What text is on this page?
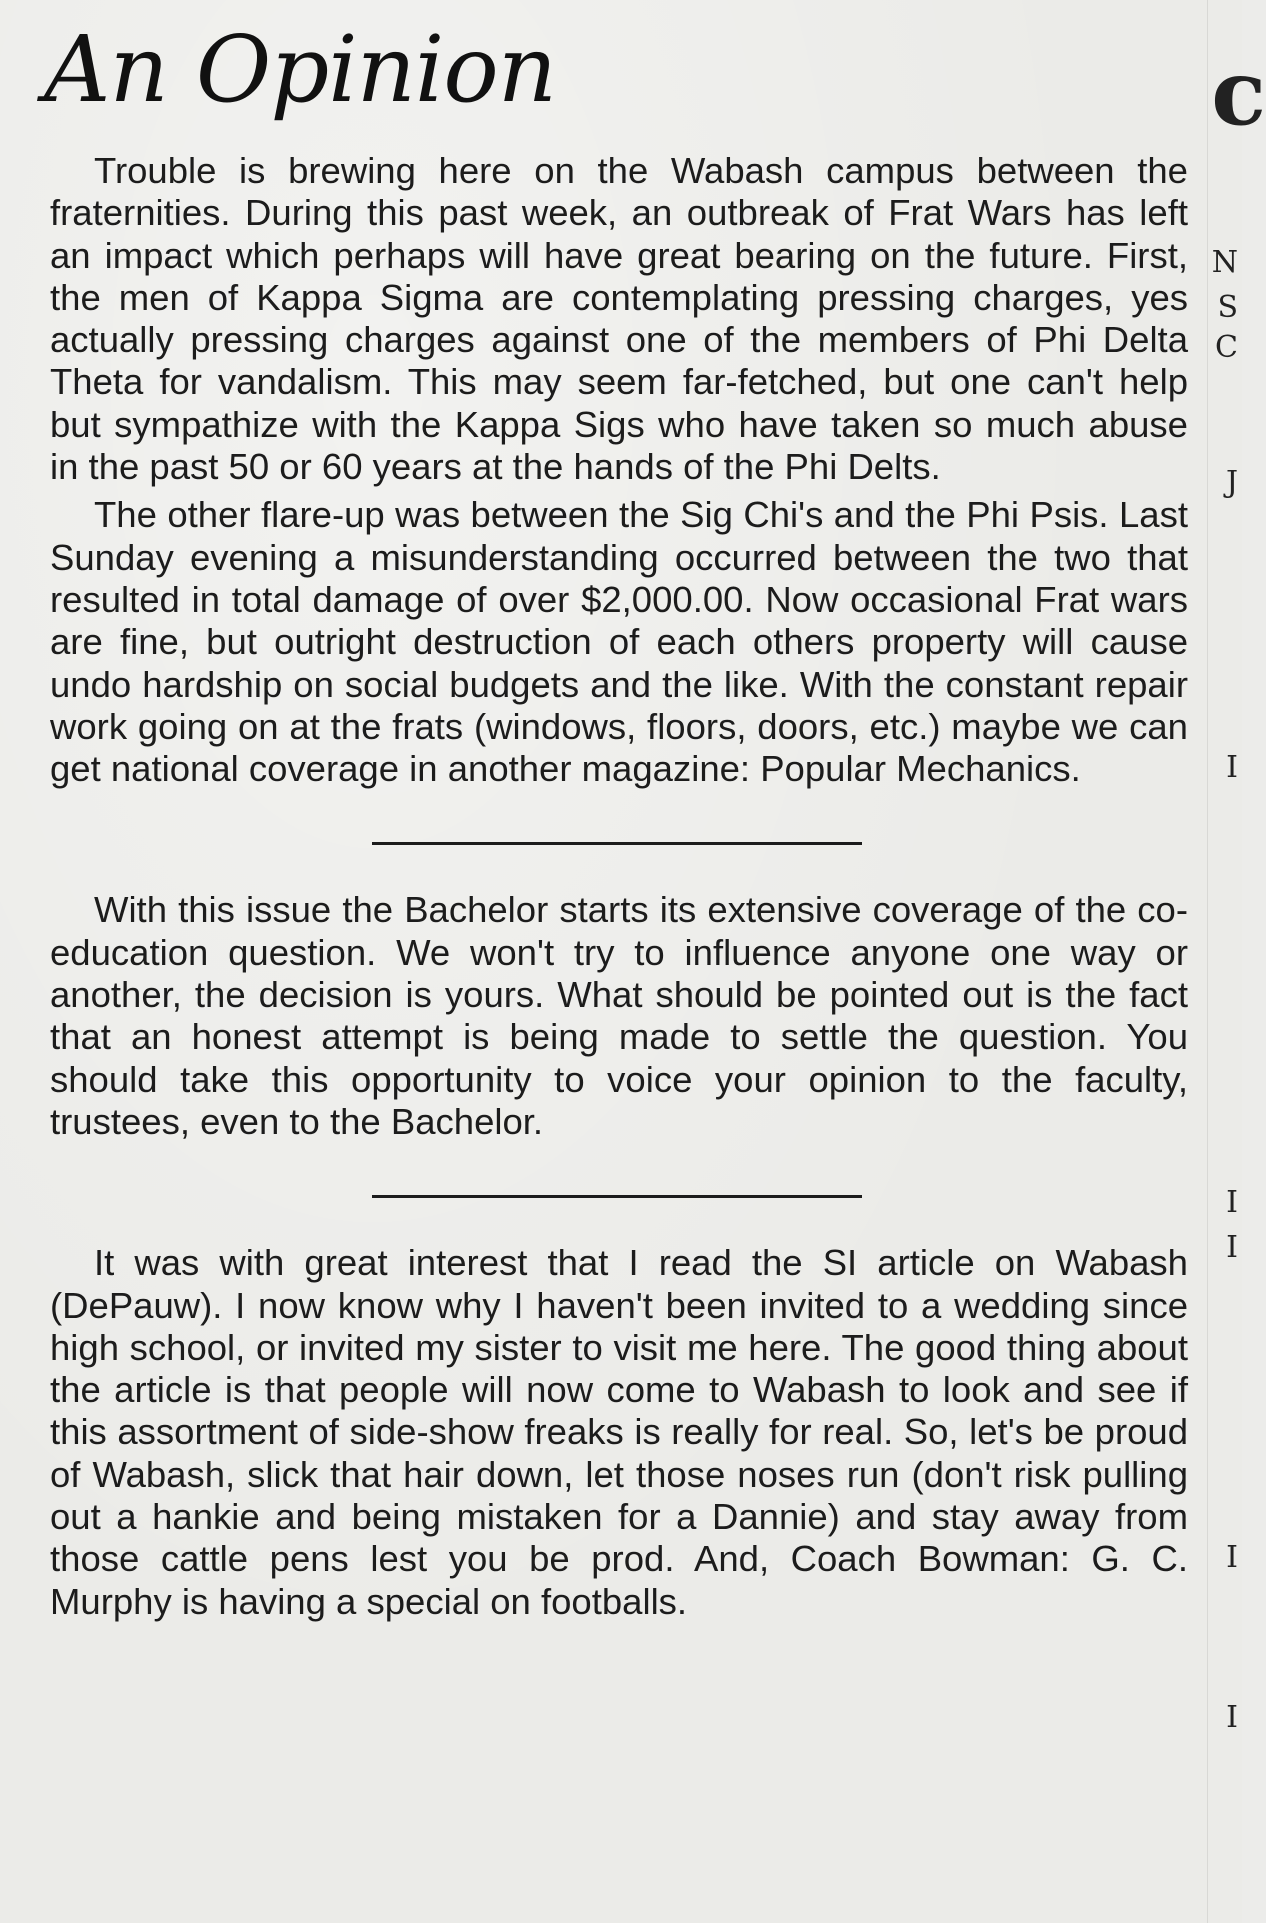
An Opinion

Trouble is brewing here on the Wabash campus between the fraternities. During this past week, an outbreak of Frat Wars has left an impact which perhaps will have great bearing on the future. First, the men of Kappa Sigma are contemplating pressing charges, yes actually pressing charges against one of the members of Phi Delta Theta for vandalism. This may seem far-fetched, but one can't help but sympathize with the Kappa Sigs who have taken so much abuse in the past 50 or 60 years at the hands of the Phi Delts.

The other flare-up was between the Sig Chi's and the Phi Psis. Last Sunday evening a misunderstanding occurred between the two that resulted in total damage of over $2,000.00. Now occasional Frat wars are fine, but outright destruction of each others property will cause undo hardship on social budgets and the like. With the constant repair work going on at the frats (windows, floors, doors, etc.) maybe we can get national coverage in another magazine: Popular Mechanics.

With this issue the Bachelor starts its extensive coverage of the co-education question. We won't try to influence anyone one way or another, the decision is yours. What should be pointed out is the fact that an honest attempt is being made to settle the question. You should take this opportunity to voice your opinion to the faculty, trustees, even to the Bachelor.

It was with great interest that I read the SI article on Wabash (DePauw). I now know why I haven't been invited to a wedding since high school, or invited my sister to visit me here. The good thing about the article is that people will now come to Wabash to look and see if this assortment of side-show freaks is really for real. So, let's be proud of Wabash, slick that hair down, let those noses run (don't risk pulling out a hankie and being mistaken for a Dannie) and stay away from those cattle pens lest you be prod. And, Coach Bowman: G. C. Murphy is having a special on footballs.

c
N
S
C
J
I
I
I
I
I
